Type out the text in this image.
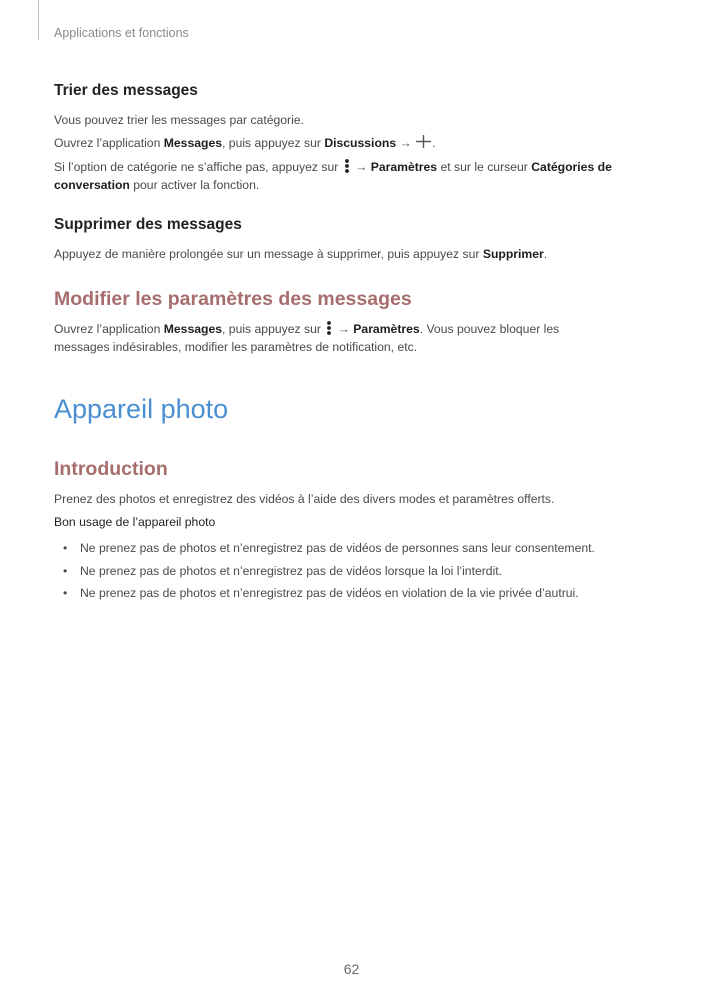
Applications et fonctions
Trier des messages
Vous pouvez trier les messages par catégorie.
Ouvrez l’application Messages, puis appuyez sur Discussions → .
Si l’option de catégorie ne s’affiche pas, appuyez sur  → Paramètres et sur le curseur Catégories de conversation pour activer la fonction.
Supprimer des messages
Appuyez de manière prolongée sur un message à supprimer, puis appuyez sur Supprimer.
Modifier les paramètres des messages
Ouvrez l’application Messages, puis appuyez sur  → Paramètres. Vous pouvez bloquer les messages indésirables, modifier les paramètres de notification, etc.
Appareil photo
Introduction
Prenez des photos et enregistrez des vidéos à l’aide des divers modes et paramètres offerts.
Bon usage de l’appareil photo
• Ne prenez pas de photos et n’enregistrez pas de vidéos de personnes sans leur consentement.
• Ne prenez pas de photos et n’enregistrez pas de vidéos lorsque la loi l’interdit.
• Ne prenez pas de photos et n’enregistrez pas de vidéos en violation de la vie privée d’autrui.
62
